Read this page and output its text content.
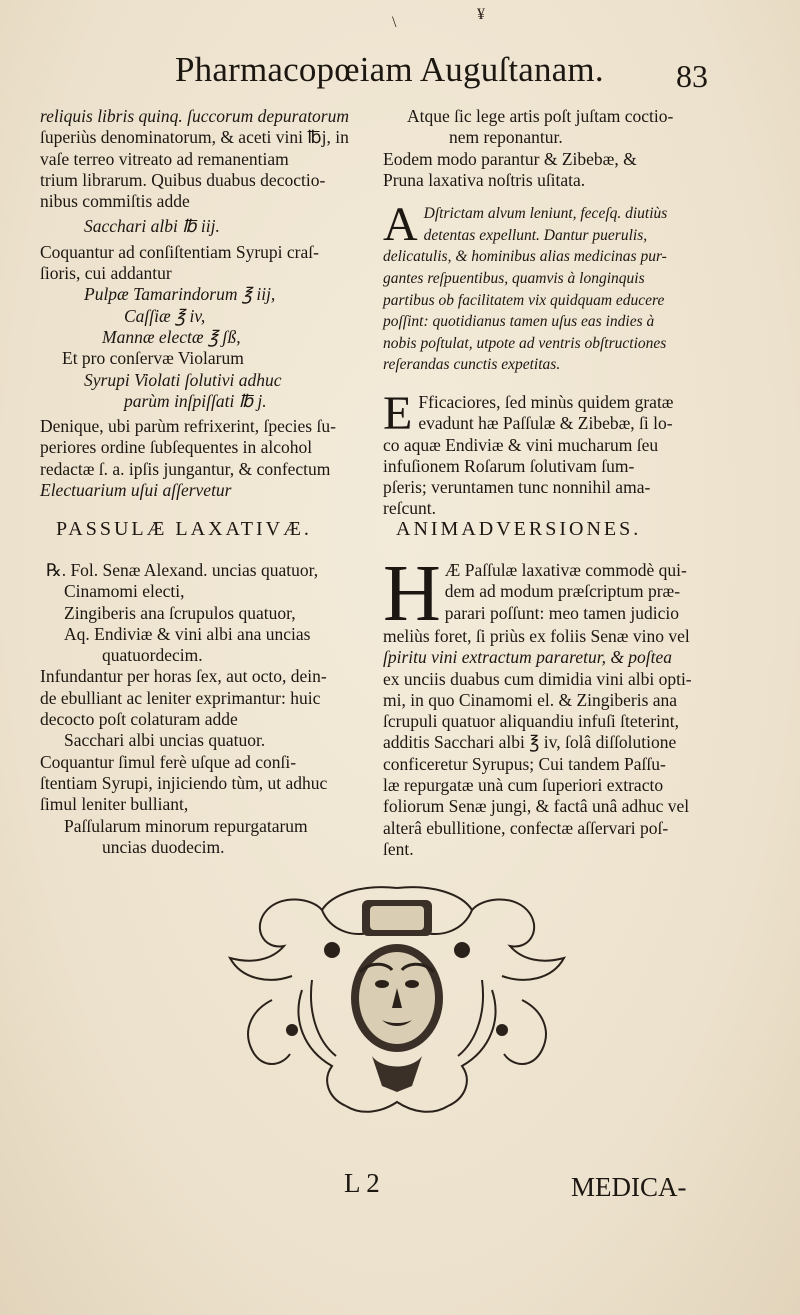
\	¥
Pharmacopœiam Auguſtanam. 83
reliquis libris quinq. ſuccorum depuratorum
ſuperiùs denominatorum, & aceti vini ℔j, in
vaſe terreo vitreato ad remanentiam
trium librarum. Quibus duabus decoctio-
nibus commiſtis adde
Sacchari albi ℔ iij.
Coquantur ad conſiſtentiam Syrupi craſ-
ſioris, cui addantur
Pulpæ Tamarindorum ℥ iij,
Caſſiæ ℥ iv,
Mannæ electæ ℥ ʃß,
Et pro conſervæ Violarum
Syrupi Violati ſolutivi adhuc
parùm inſpiſſati ℔ j.
Denique, ubi parùm refrixerint, ſpecies ſu-
periores ordine ſubſequentes in alcohol
redactæ ſ. a. ipſis jungantur, & confectum
Electuarium uſui aſſervetur
PASSULÆ LAXATIVÆ.
℞. Fol. Senæ Alexand. uncias quatuor,
Cinamomi electi,
Zingiberis ana ſcrupulos quatuor,
Aq. Endiviæ & vini albi ana uncias
quatuordecim.
Infundantur per horas ſex, aut octo, dein-
de ebulliant ac leniter exprimantur: huic
decocto poſt colaturam adde
Sacchari albi uncias quatuor.
Coquantur ſimul ferè uſque ad conſi-
ſtentiam Syrupi, injiciendo tùm, ut adhuc
ſimul leniter bulliant,
Paſſularum minorum repurgatarum
uncias duodecim.
Atque ſic lege artis poſt juſtam coctio-
nem reponantur.
Eodem modo parantur & Zibebæ, &
Pruna laxativa noſtris uſitata.
A Dſtrictam alvum leniunt, feceſq. diutiùs
detentas expellunt. Dantur puerulis,
delicatulis, & hominibus alias medicinas pur-
gantes reſpuentibus, quamvis à longinquis
partibus ob facilitatem vix quidquam educere
poſſint: quotidianus tamen uſus eas indies à
nobis poſtulat, utpote ad ventris obſtructiones
reſerandas cunctis expetitas.
E Fficaciores, ſed minùs quidem gratæ
evadunt hæ Paſſulæ & Zibebæ, ſi lo-
co aquæ Endiviæ & vini mucharum ſeu
infuſionem Roſarum ſolutivam ſum-
pſeris; veruntamen tunc nonnihil ama-
reſcunt.
ANIMADVERSIONES.
H Æ Paſſulæ laxativæ commodè qui-
dem ad modum præſcriptum præ-
parari poſſunt: meo tamen judicio
meliùs foret, ſi priùs ex foliis Senæ vino vel
ſpiritu vini extractum pararetur, & poſtea
ex unciis duabus cum dimidia vini albi opti-
mi, in quo Cinamomi el. & Zingiberis ana
ſcrupuli quatuor aliquandiu infuſi ſteterint,
additis Sacchari albi ℥ iv, ſolâ diſſolutione
conficeretur Syrupus; Cui tandem Paſſu-
læ repurgatæ unà cum ſuperiori extracto
foliorum Senæ jungi, & factâ unâ adhuc vel
alterâ ebullitione, confectæ aſſervari poſ-
ſent.
L 2	MEDICA-
